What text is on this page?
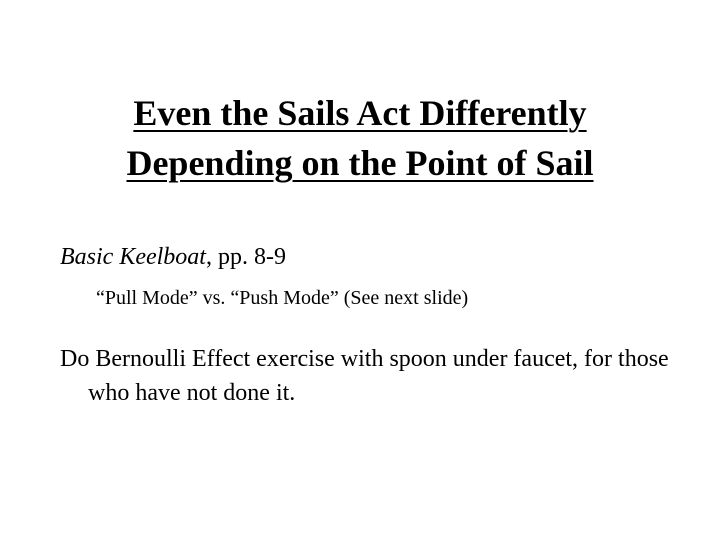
Even the Sails Act Differently
Depending on the Point of Sail

Basic Keelboat, pp. 8-9

“Pull Mode” vs. “Push Mode” (See next slide)

Do Bernoulli Effect exercise with spoon under faucet, for those who have not done it.
